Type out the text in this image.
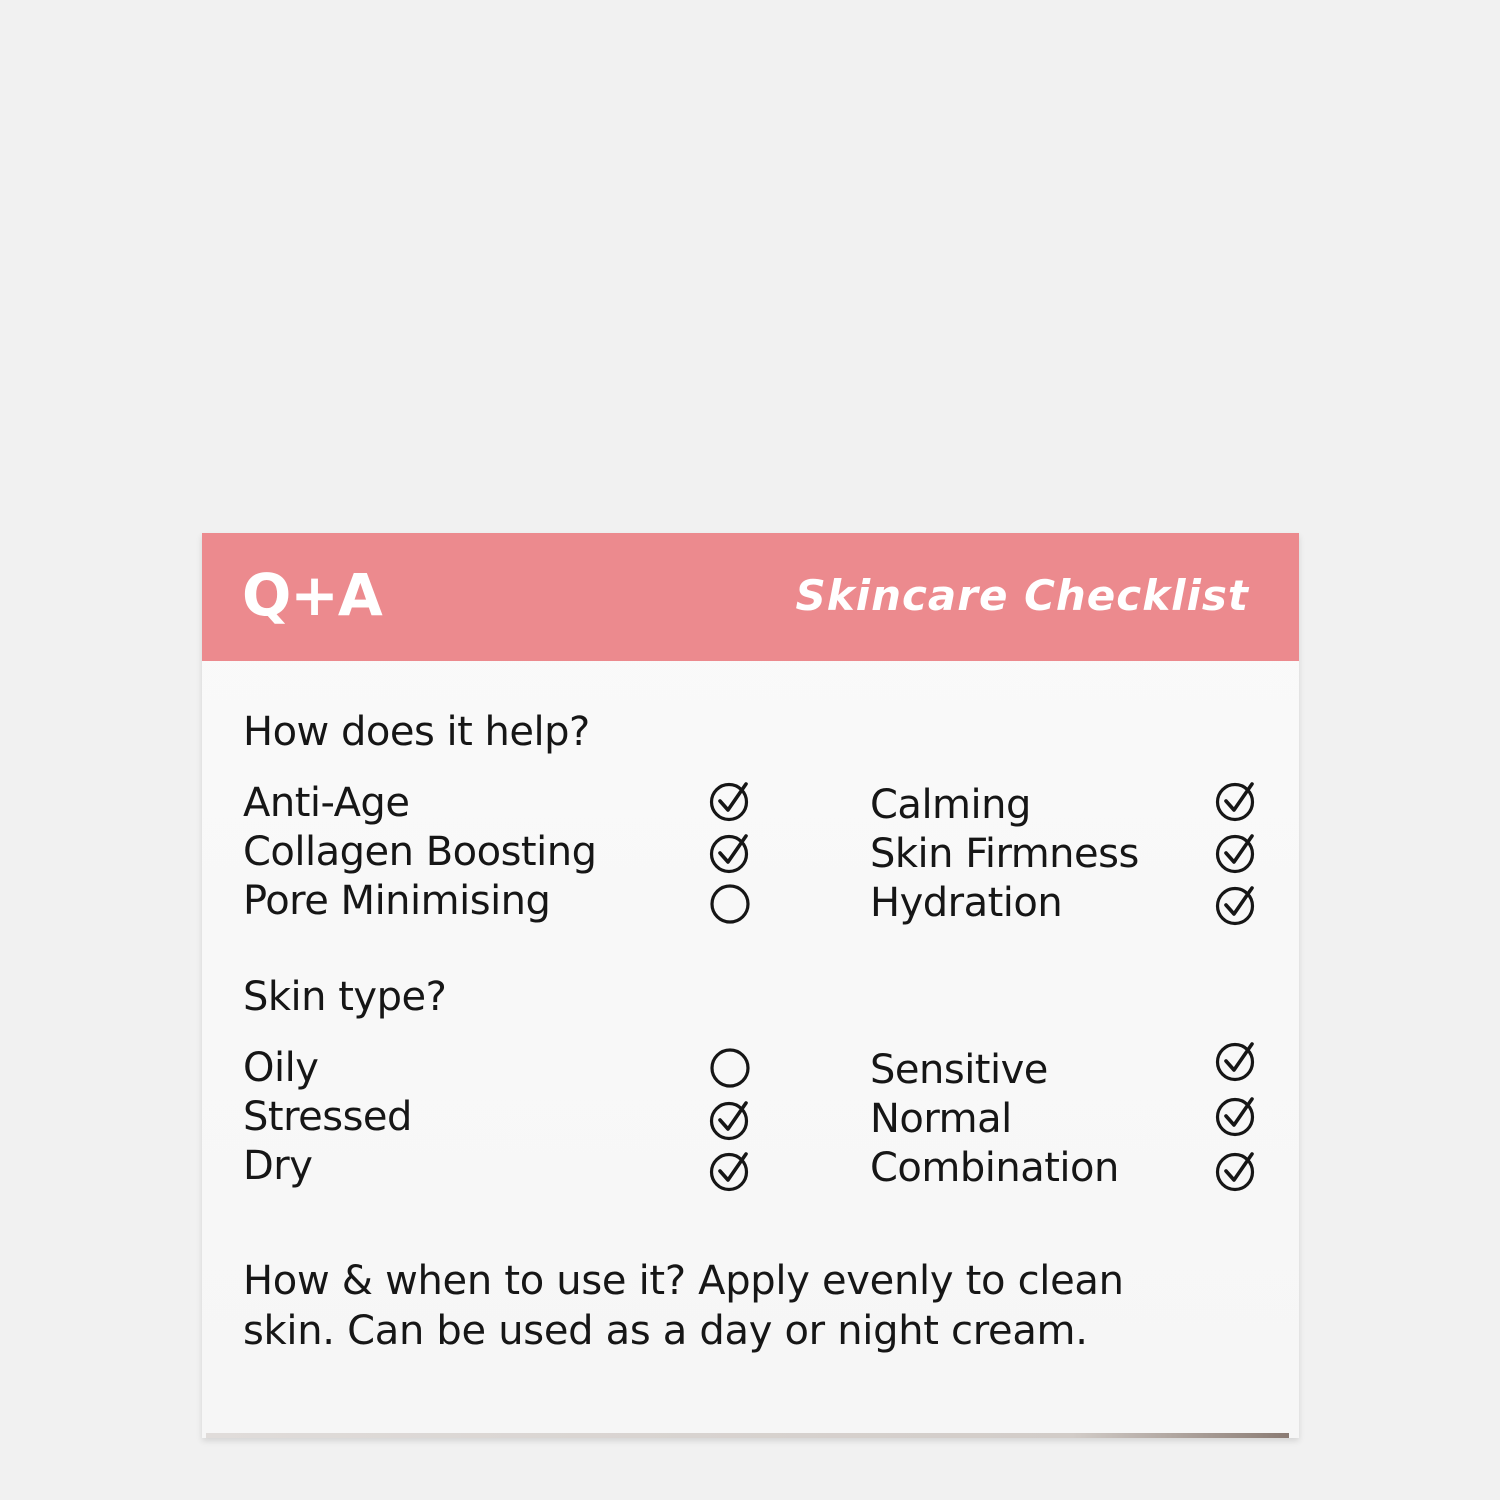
Q+A	Skincare Checklist
How does it help?
Anti-Age
Collagen Boosting
Pore Minimising
Calming
Skin Firmness
Hydration
Skin type?
Oily
Stressed
Dry
Sensitive
Normal
Combination
How & when to use it? Apply evenly to clean skin. Can be used as a day or night cream.
